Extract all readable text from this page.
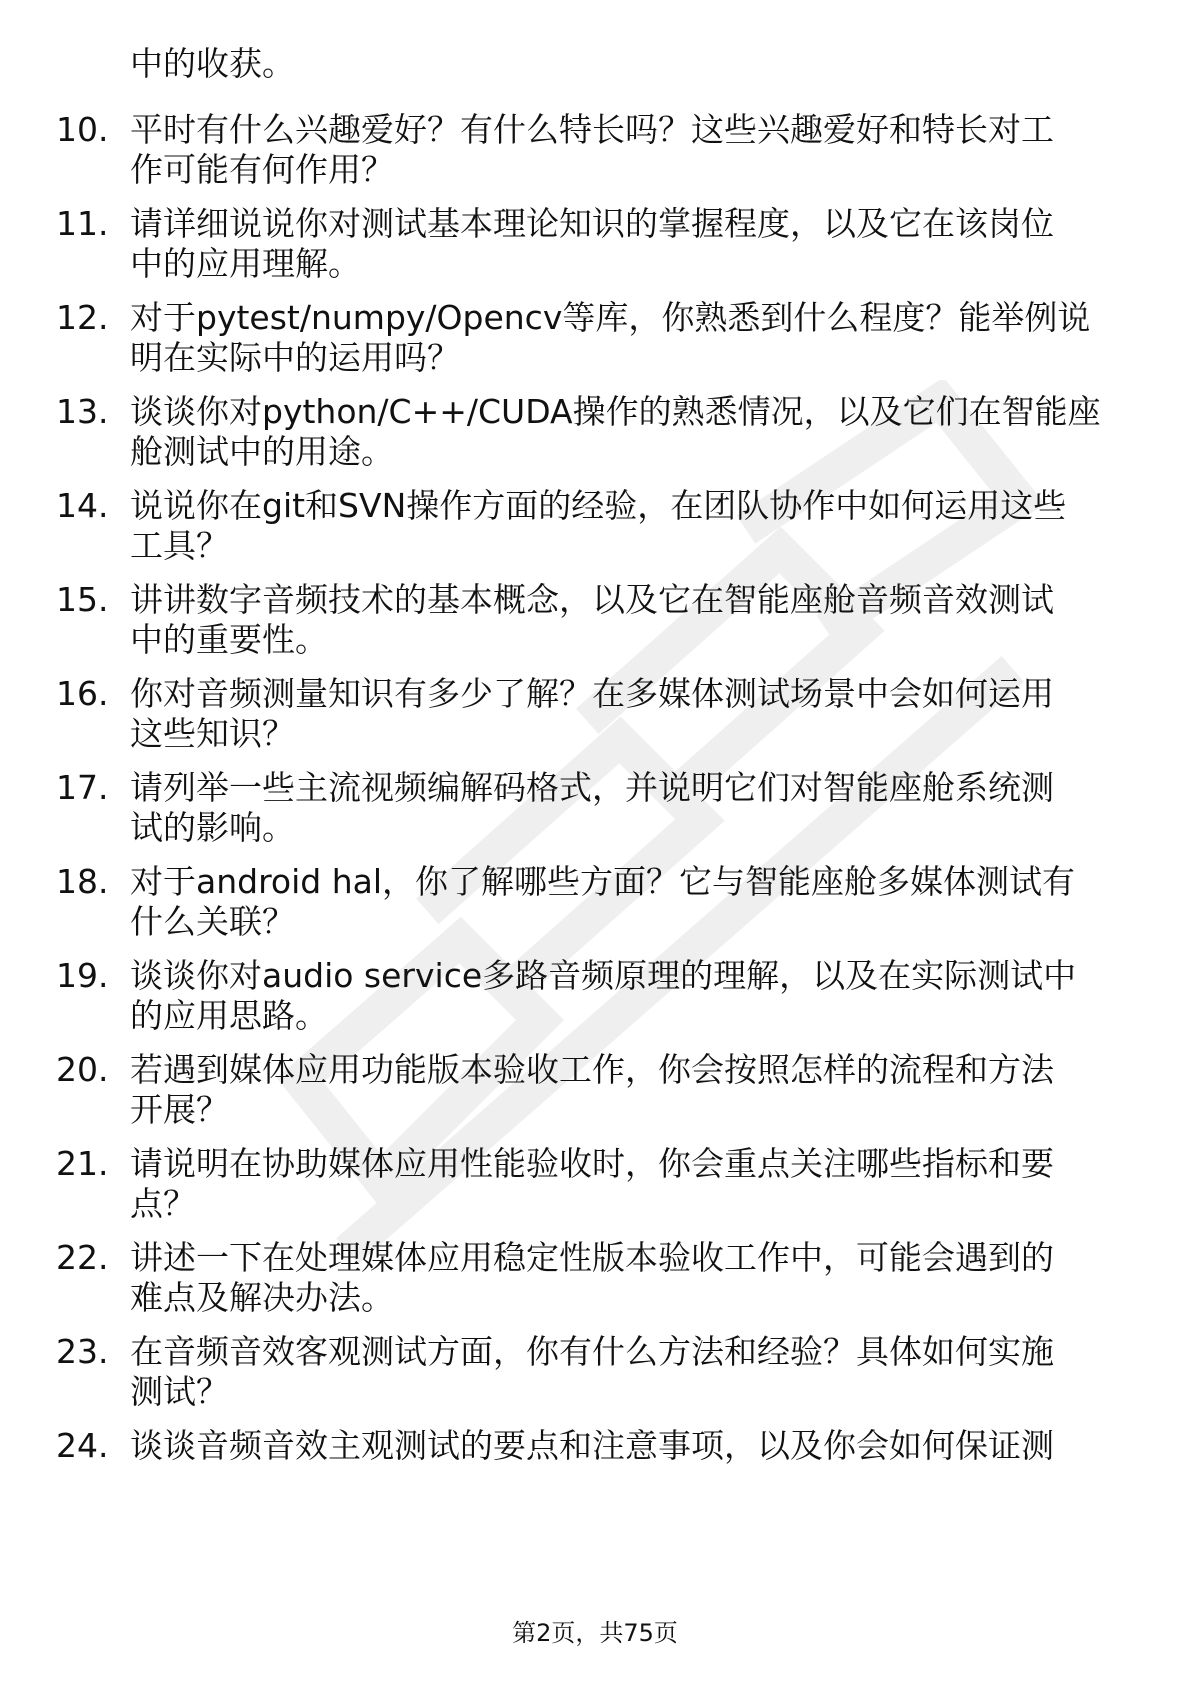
中的收获。
10. 平时有什么兴趣爱好？有什么特长吗？这些兴趣爱好和特长对工
作可能有何作用？
11. 请详细说说你对测试基本理论知识的掌握程度，以及它在该岗位
中的应用理解。
12. 对于pytest/numpy/Opencv等库，你熟悉到什么程度？能举例说
明在实际中的运用吗？
13. 谈谈你对python/C++/CUDA操作的熟悉情况，以及它们在智能座
舱测试中的用途。
14. 说说你在git和SVN操作方面的经验，在团队协作中如何运用这些
工具？
15. 讲讲数字音频技术的基本概念，以及它在智能座舱音频音效测试
中的重要性。
16. 你对音频测量知识有多少了解？在多媒体测试场景中会如何运用
这些知识？
17. 请列举一些主流视频编解码格式，并说明它们对智能座舱系统测
试的影响。
18. 对于android hal，你了解哪些方面？它与智能座舱多媒体测试有
什么关联？
19. 谈谈你对audio service多路音频原理的理解，以及在实际测试中
的应用思路。
20. 若遇到媒体应用功能版本验收工作，你会按照怎样的流程和方法
开展？
21. 请说明在协助媒体应用性能验收时，你会重点关注哪些指标和要
点？
22. 讲述一下在处理媒体应用稳定性版本验收工作中，可能会遇到的
难点及解决办法。
23. 在音频音效客观测试方面，你有什么方法和经验？具体如何实施
测试？
24. 谈谈音频音效主观测试的要点和注意事项，以及你会如何保证测
第2页，共75页
